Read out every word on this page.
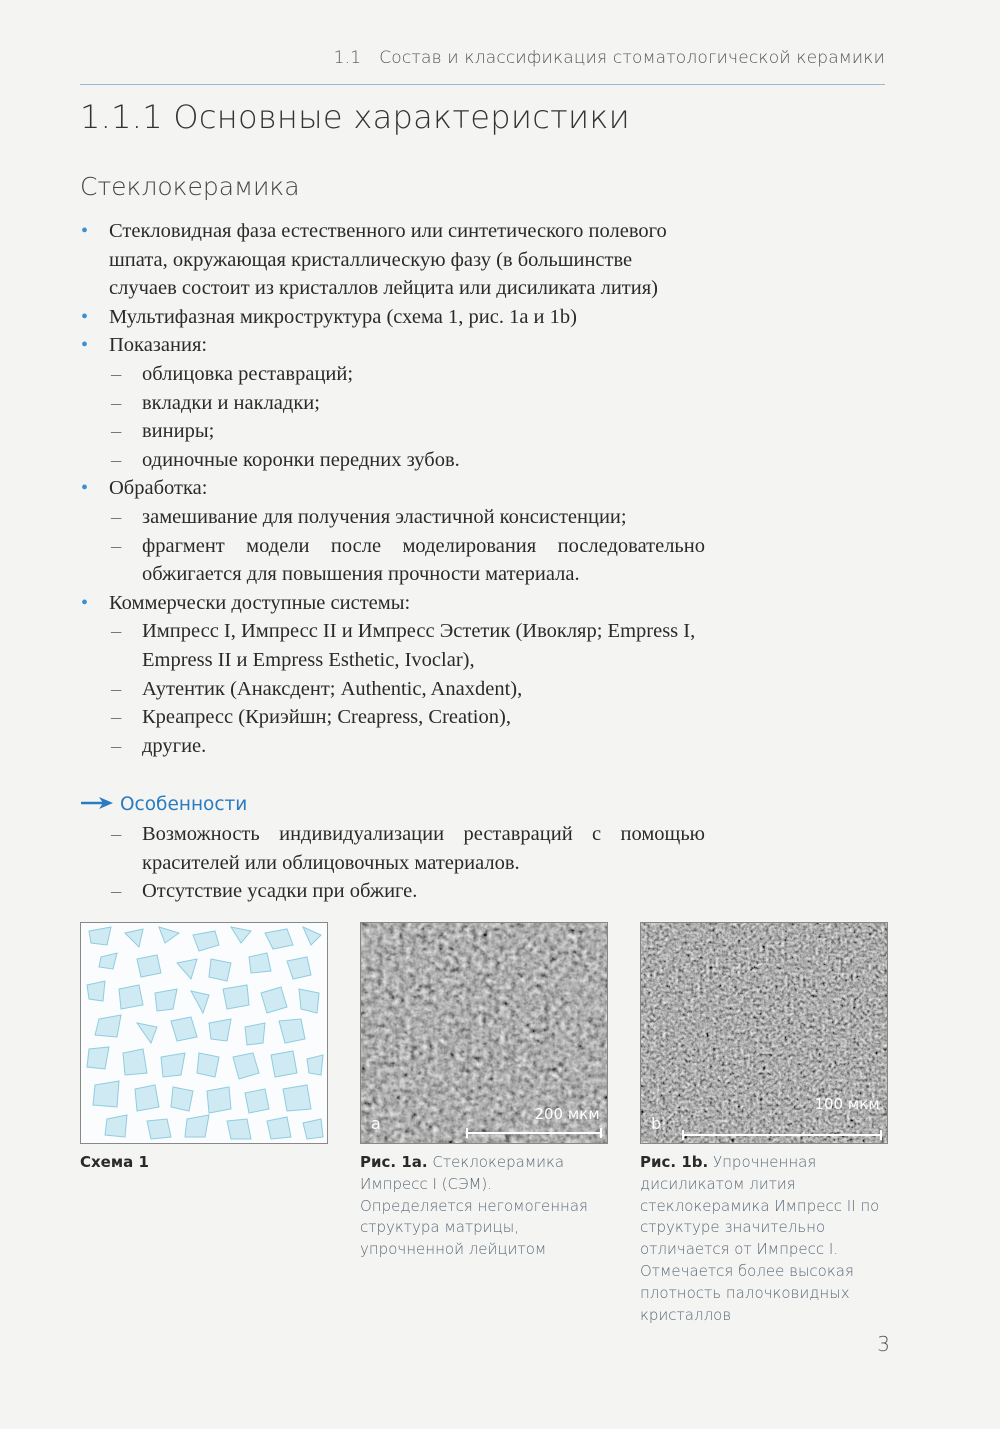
1.1 Состав и классификация стоматологической керамики
1.1.1 Основные характеристики
Стеклокерамика
• Стекловидная фаза естественного или синтетического полевого шпата, окружающая кристаллическую фазу (в большинстве случаев состоит из кристаллов лейцита или дисиликата лития)
• Мультифазная микроструктура (схема 1, рис. 1a и 1b)
• Показания:
– облицовка реставраций;
– вкладки и накладки;
– виниры;
– одиночные коронки передних зубов.
• Обработка:
– замешивание для получения эластичной консистенции;
– фрагмент модели после моделирования последовательно обжигается для повышения прочности материала.
• Коммерчески доступные системы:
– Импресс I, Импресс II и Импресс Эстетик (Ивокляр; Empress I, Empress II и Empress Esthetic, Ivoclar),
– Аутентик (Анаксдент; Authentic, Anaxdent),
– Креапресс (Криэйшн; Creapress, Creation),
– другие.
Особенности
– Возможность индивидуализации реставраций с помощью красителей или облицовочных материалов.
– Отсутствие усадки при обжиге.
a	200 мкм	b
100 мкм
Схема 1	Рис. 1a. Стеклокерамика Импресс I (СЭМ). Определяется негомогенная структура матрицы, упрочненной лейцитом
Рис. 1b. Упрочненная дисиликатом лития стеклокерамика Импресс II по структуре значительно отличается от Импресс I. Отмечается более высокая плотность палочковидных кристаллов
3
